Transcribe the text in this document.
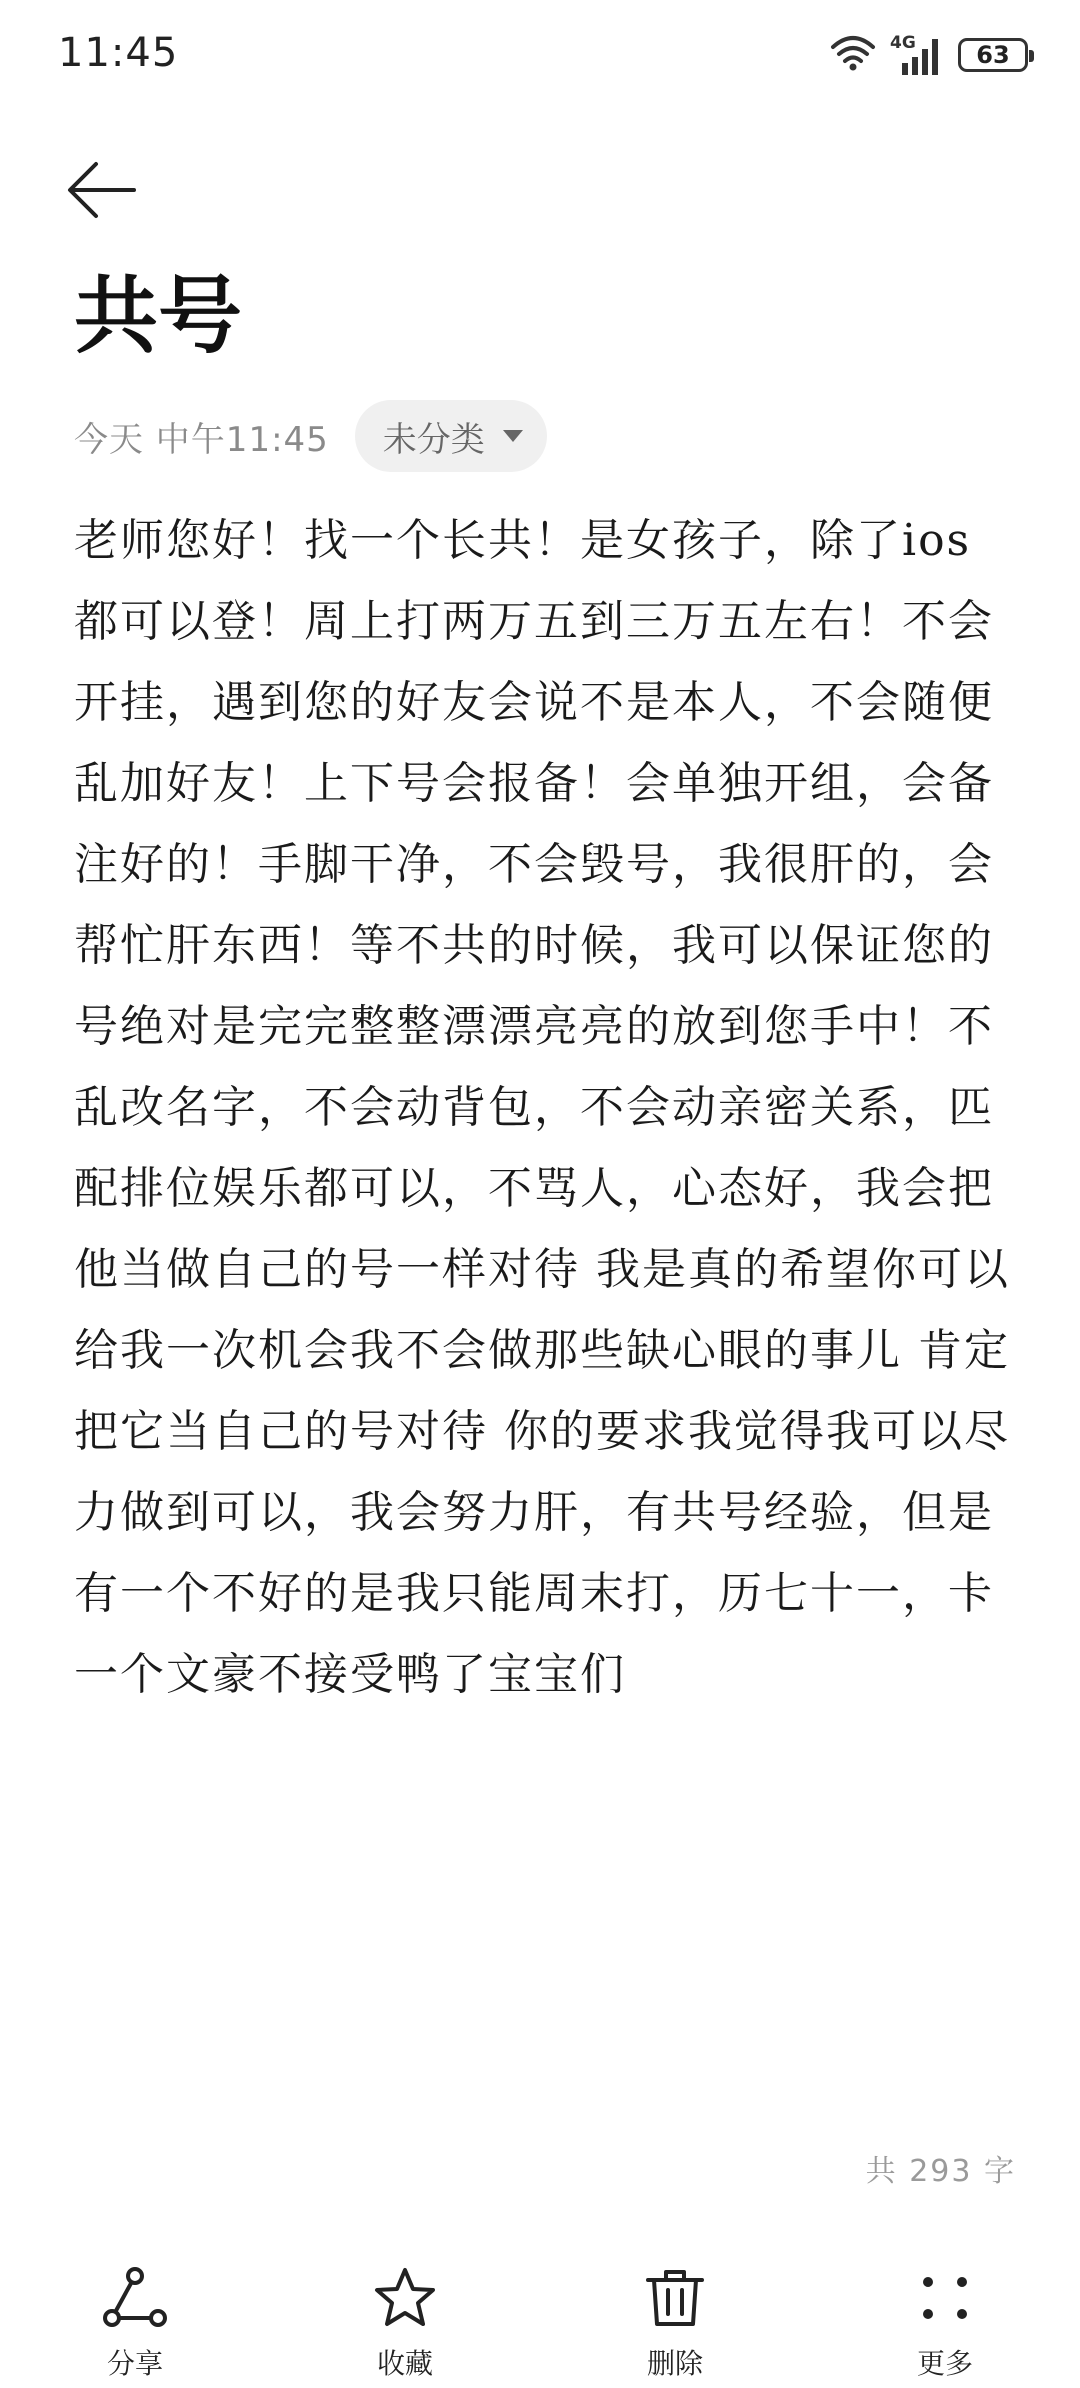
11:45	4G	63
共号
今天 中午11:45 未分类
老师您好！找一个长共！是女孩子，除了ios都可以登！周上打两万五到三万五左右！不会开挂，遇到您的好友会说不是本人，不会随便乱加好友！上下号会报备！会单独开组，会备注好的！手脚干净，不会毁号，我很肝的，会帮忙肝东西！等不共的时候，我可以保证您的号绝对是完完整整漂漂亮亮的放到您手中！不乱改名字，不会动背包，不会动亲密关系，匹配排位娱乐都可以，不骂人，心态好，我会把他当做自己的号一样对待 我是真的希望你可以给我一次机会我不会做那些缺心眼的事儿 肯定把它当自己的号对待 你的要求我觉得我可以尽力做到可以，我会努力肝，有共号经验，但是有一个不好的是我只能周末打，历七十一，卡一个文豪不接受鸭了宝宝们
共 293 字
分享	收藏	删除	更多
